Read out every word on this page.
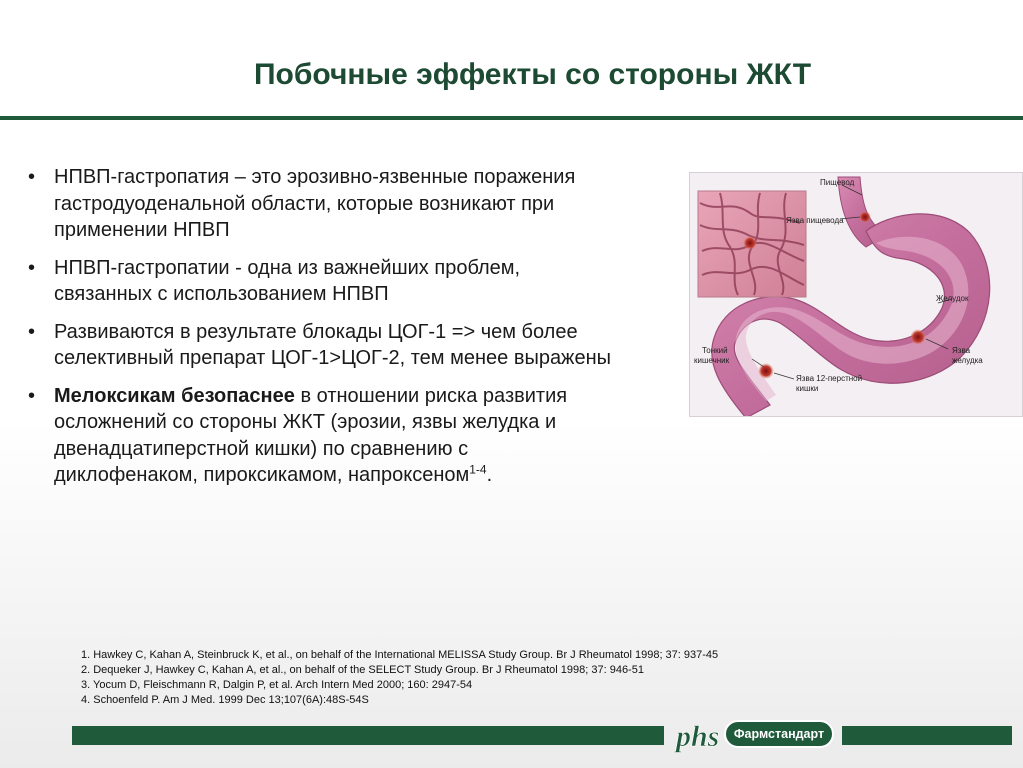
Побочные эффекты со стороны ЖКТ
• НПВП-гастропатия – это эрозивно-язвенные поражения
гастродуоденальной области, которые возникают при
применении НПВП
• НПВП-гастропатии - одна из важнейших проблем,
связанных с использованием НПВП
• Развиваются в результате блокады ЦОГ-1 => чем более
селективный препарат ЦОГ-1>ЦОГ-2, тем менее выражены
• Мелоксикам безопаснее в отношении риска развития
осложнений со стороны ЖКТ (эрозии, язвы желудка и
двенадцатиперстной кишки) по сравнению с
диклофенаком, пироксикамом, напроксеном$^{1-4}$.
Пищевод
Язва пищевода
Желудок
Тонкий
кишечник
Язва 12-перстной
кишки
Язва
желудка
1. Hawkey C, Kahan A, Steinbruck K, et al., on behalf of the International MELISSA Study Group. Br J Rheumatol 1998; 37: 937-45
2. Dequeker J, Hawkey C, Kahan A, et al., on behalf of the SELECT Study Group. Br J Rheumatol 1998; 37: 946-51
3. Yocum D, Fleischmann R, Dalgin P, et al. Arch Intern Med 2000; 160: 2947-54
4. Schoenfeld P. Am J Med. 1999 Dec 13;107(6A):48S-54S
phs	Фармстандарт
